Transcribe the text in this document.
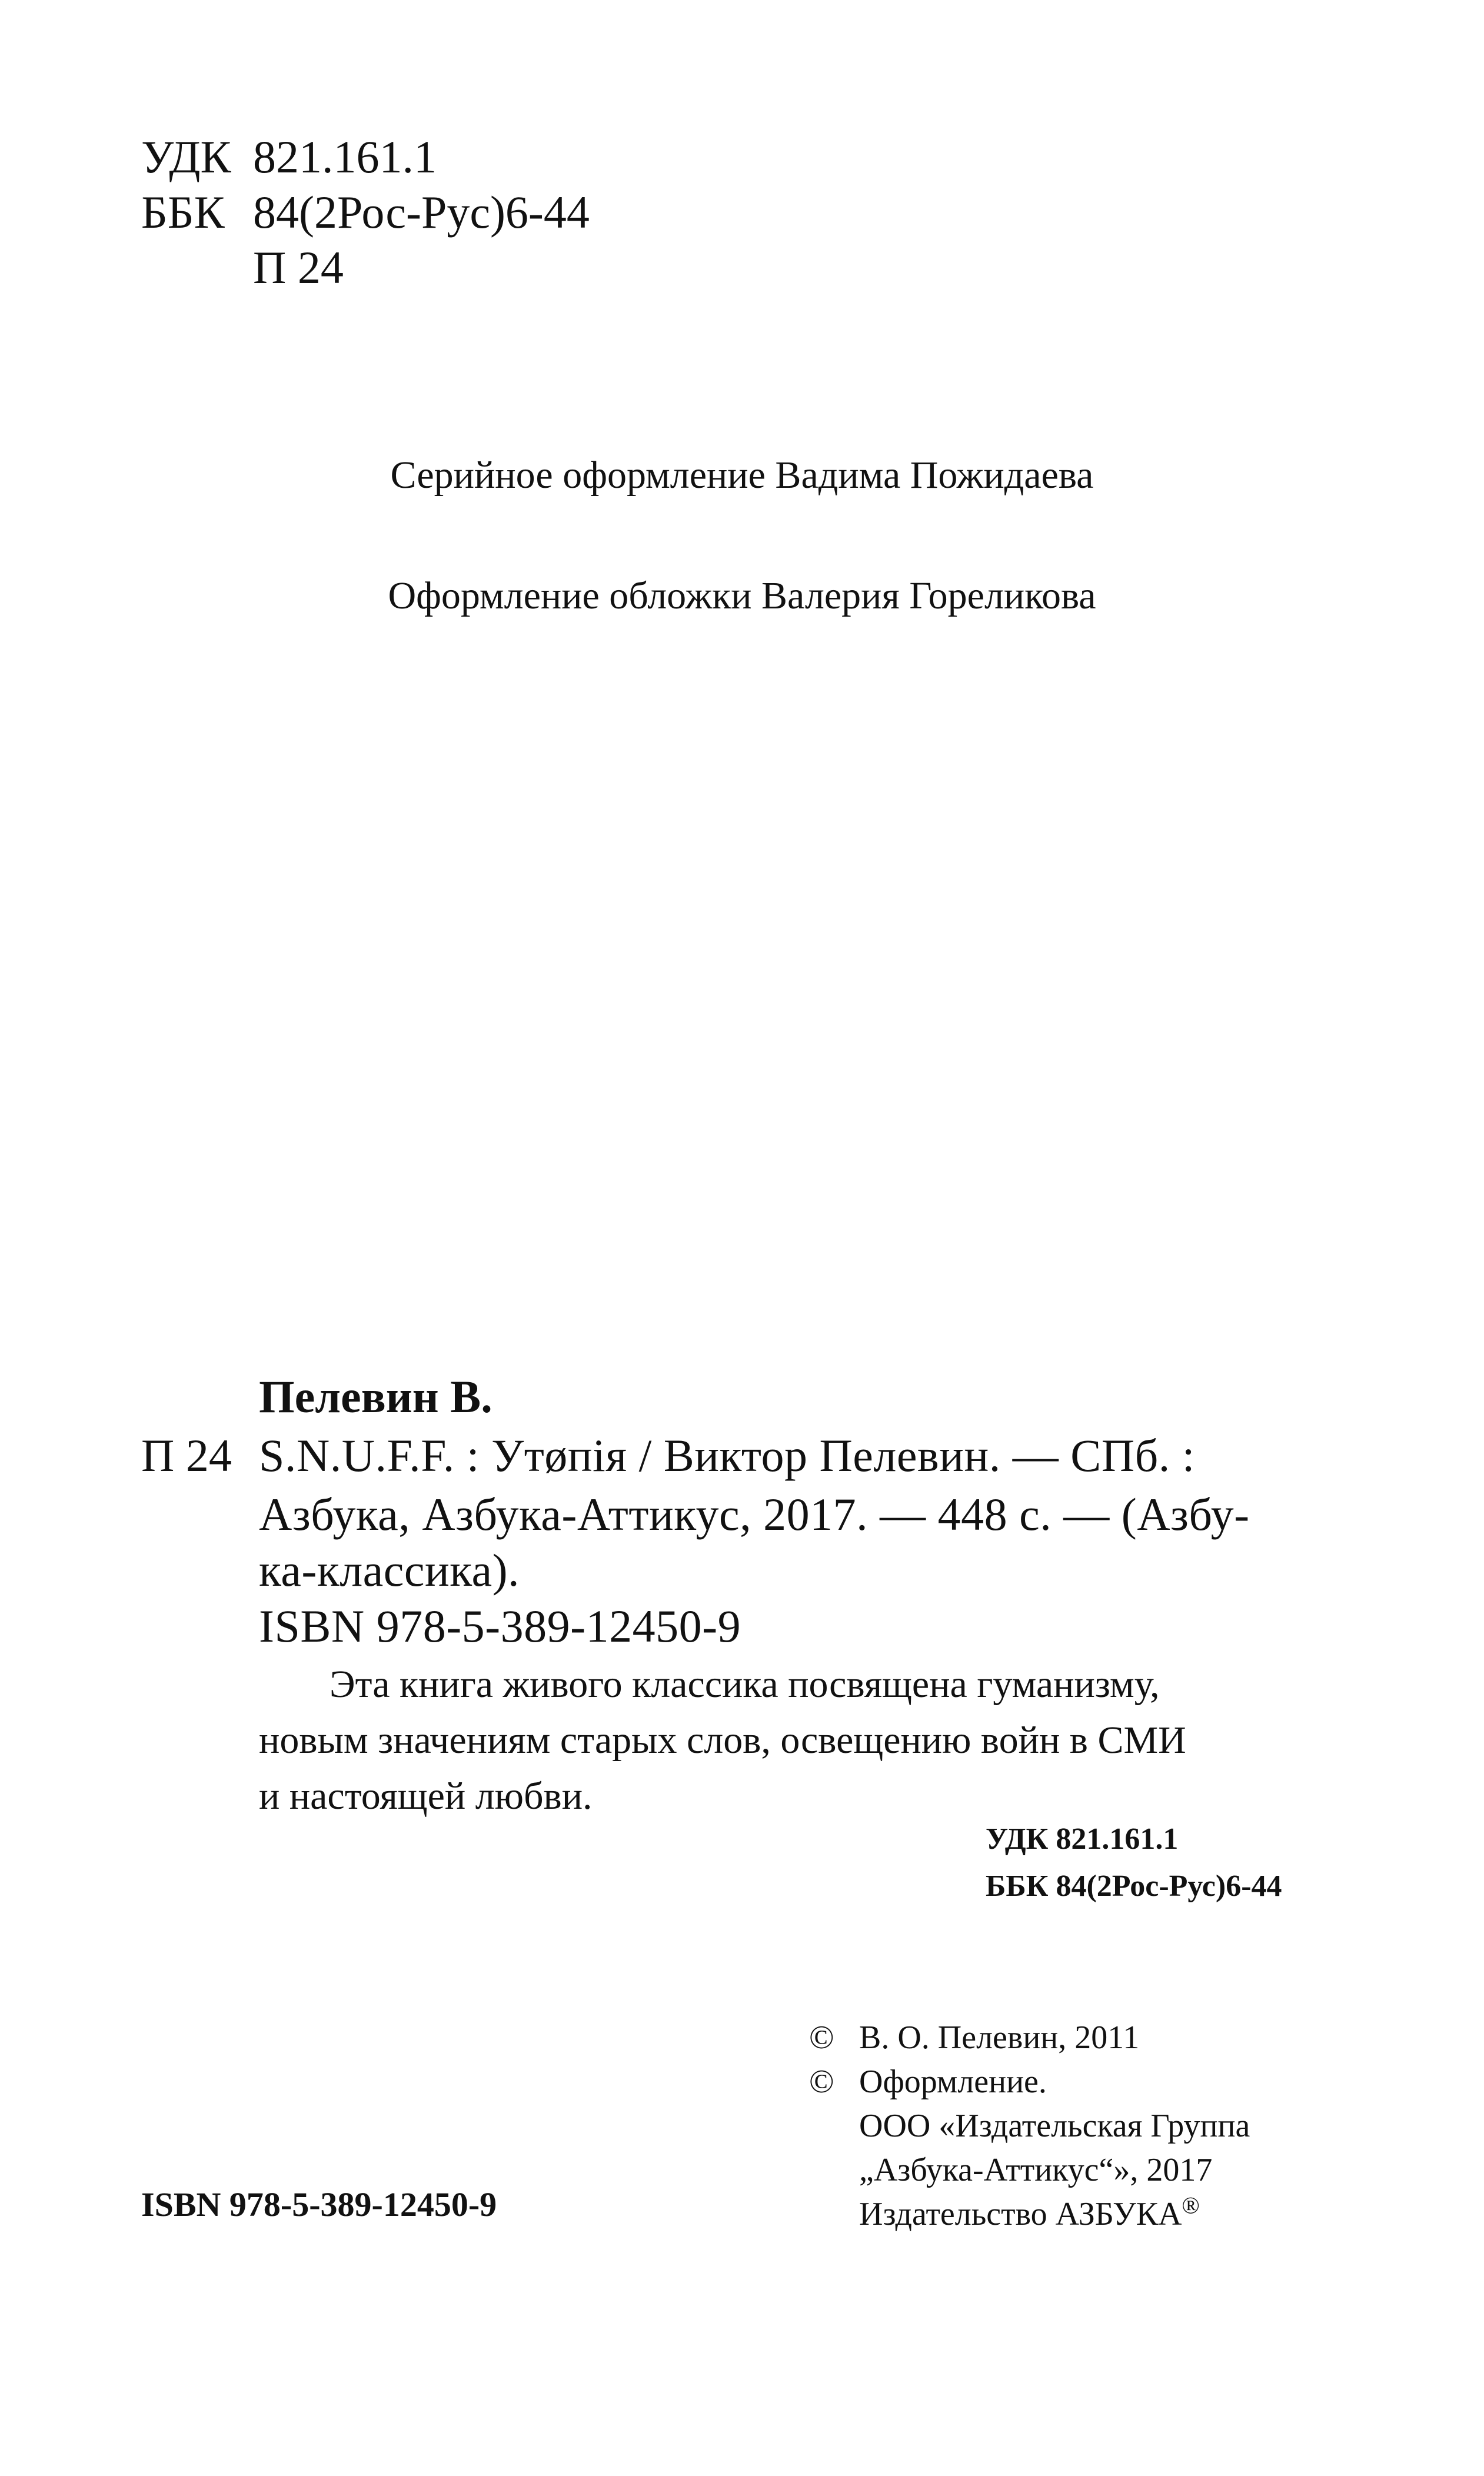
УДК 821.161.1
ББК 84(2Рос-Рус)6-44
П 24
Серийное оформление Вадима Пожидаева
Оформление обложки Валерия Гореликова
Пелевин В.
П 24 S.N.U.F.F. : Утøпiя / Виктор Пелевин. — СПб. :
Азбука, Азбука-Аттикус, 2017. — 448 с. — (Азбу-
ка-классика).
ISBN 978-5-389-12450-9
Эта книга живого классика посвящена гуманизму,
новым значениям старых слов, освещению войн в СМИ
и настоящей любви.
УДК 821.161.1
ББК 84(2Рос-Рус)6-44
© В. О. Пелевин, 2011
© Оформление.
ООО «Издательская Группа
„Азбука-Аттикус“», 2017
Издательство АЗБУКА®
ISBN 978-5-389-12450-9
